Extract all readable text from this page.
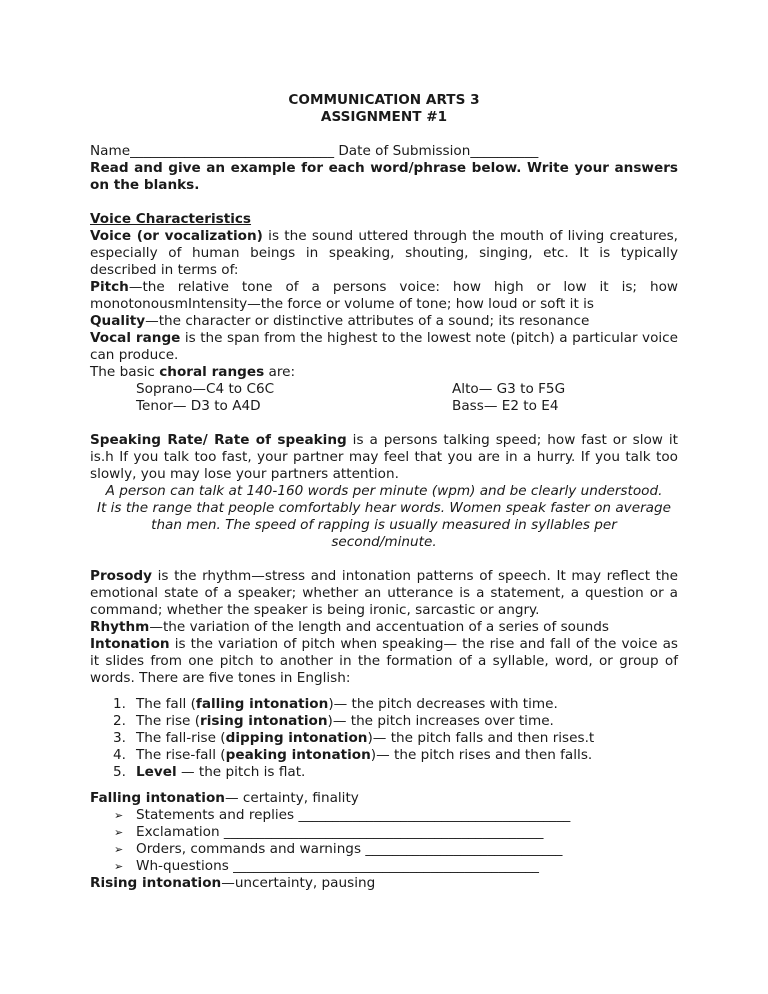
COMMUNICATION ARTS 3
ASSIGNMENT #1
Name______________________________ Date of Submission__________
Read and give an example for each word/phrase below. Write your answers on the blanks.
Voice Characteristics
Voice (or vocalization) is the sound uttered through the mouth of living creatures, especially of human beings in speaking, shouting, singing, etc. It is typically described in terms of:
Pitch—the relative tone of a persons voice: how high or low it is; how monotonousmIntensity—the force or volume of tone; how loud or soft it is
Quality—the character or distinctive attributes of a sound; its resonance
Vocal range is the span from the highest to the lowest note (pitch) a particular voice can produce.
The basic choral ranges are:
Soprano—C4 to C6C	Alto— G3 to F5G
Tenor— D3 to A4D	Bass— E2 to E4
Speaking Rate/ Rate of speaking is a persons talking speed; how fast or slow it is.h If you talk too fast, your partner may feel that you are in a hurry. If you talk too slowly, you may lose your partners attention.
A person can talk at 140-160 words per minute (wpm) and be clearly understood.
It is the range that people comfortably hear words. Women speak faster on average
than men. The speed of rapping is usually measured in syllables per
second/minute.
Prosody is the rhythm—stress and intonation patterns of speech. It may reflect the emotional state of a speaker; whether an utterance is a statement, a question or a command; whether the speaker is being ironic, sarcastic or angry.
Rhythm—the variation of the length and accentuation of a series of sounds
Intonation is the variation of pitch when speaking— the rise and fall of the voice as it slides from one pitch to another in the formation of a syllable, word, or group of words. There are five tones in English:
1. The fall (falling intonation)— the pitch decreases with time.
2. The rise (rising intonation)— the pitch increases over time.
3. The fall-rise (dipping intonation)— the pitch falls and then rises.t
4. The rise-fall (peaking intonation)— the pitch rises and then falls.
5. Level — the pitch is flat.
Falling intonation— certainty, finality
➢ Statements and replies ________________________________________
➢ Exclamation _______________________________________________
➢ Orders, commands and warnings _____________________________
➢ Wh-questions _____________________________________________
Rising intonation—uncertainty, pausing
